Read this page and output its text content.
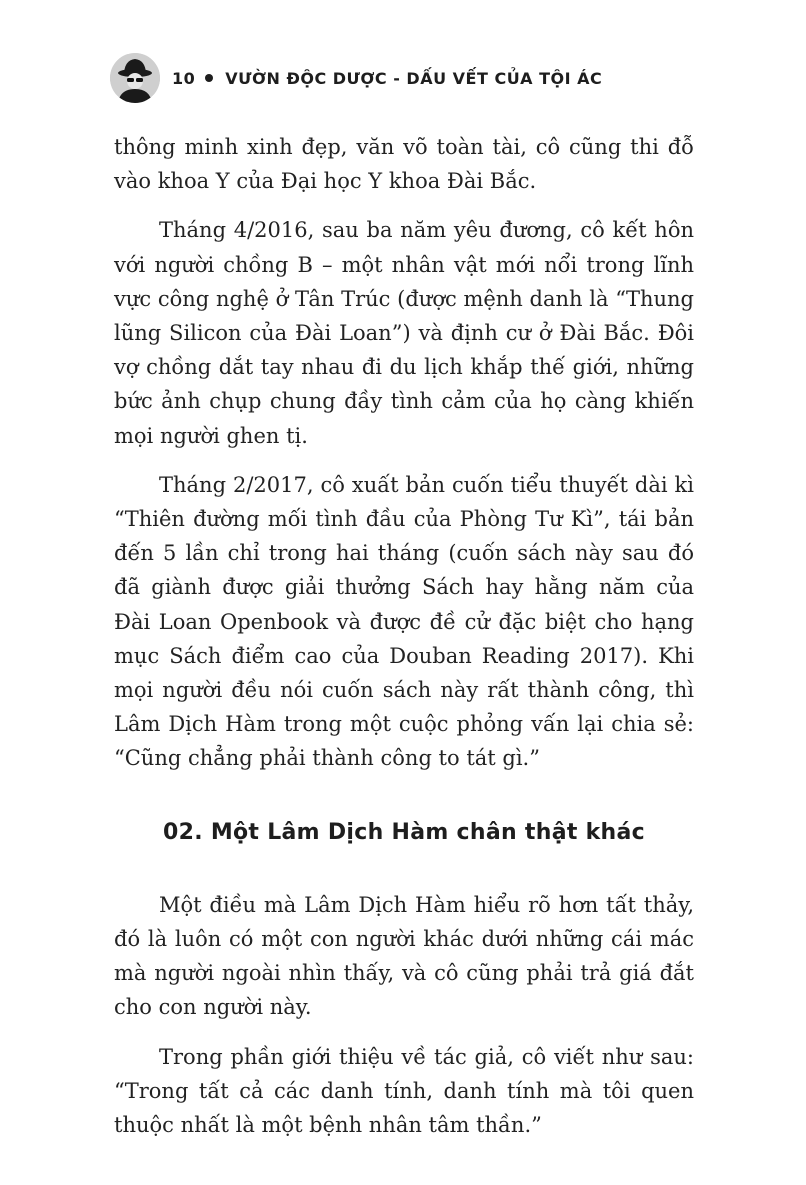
10 VƯỜN ĐỘC DƯỢC - DẤU VẾT CỦA TỘI ÁC

thông minh xinh đẹp, văn võ toàn tài, cô cũng thi đỗ vào khoa Y của Đại học Y khoa Đài Bắc.

Tháng 4/2016, sau ba năm yêu đương, cô kết hôn với người chồng B – một nhân vật mới nổi trong lĩnh vực công nghệ ở Tân Trúc (được mệnh danh là “Thung lũng Silicon của Đài Loan”) và định cư ở Đài Bắc. Đôi vợ chồng dắt tay nhau đi du lịch khắp thế giới, những bức ảnh chụp chung đầy tình cảm của họ càng khiến mọi người ghen tị.

Tháng 2/2017, cô xuất bản cuốn tiểu thuyết dài kì “Thiên đường mối tình đầu của Phòng Tư Kì”, tái bản đến 5 lần chỉ trong hai tháng (cuốn sách này sau đó đã giành được giải thưởng Sách hay hằng năm của Đài Loan Openbook và được đề cử đặc biệt cho hạng mục Sách điểm cao của Douban Reading 2017). Khi mọi người đều nói cuốn sách này rất thành công, thì Lâm Dịch Hàm trong một cuộc phỏng vấn lại chia sẻ: “Cũng chẳng phải thành công to tát gì.”

02. Một Lâm Dịch Hàm chân thật khác

Một điều mà Lâm Dịch Hàm hiểu rõ hơn tất thảy, đó là luôn có một con người khác dưới những cái mác mà người ngoài nhìn thấy, và cô cũng phải trả giá đắt cho con người này.

Trong phần giới thiệu về tác giả, cô viết như sau: “Trong tất cả các danh tính, danh tính mà tôi quen thuộc nhất là một bệnh nhân tâm thần.”
